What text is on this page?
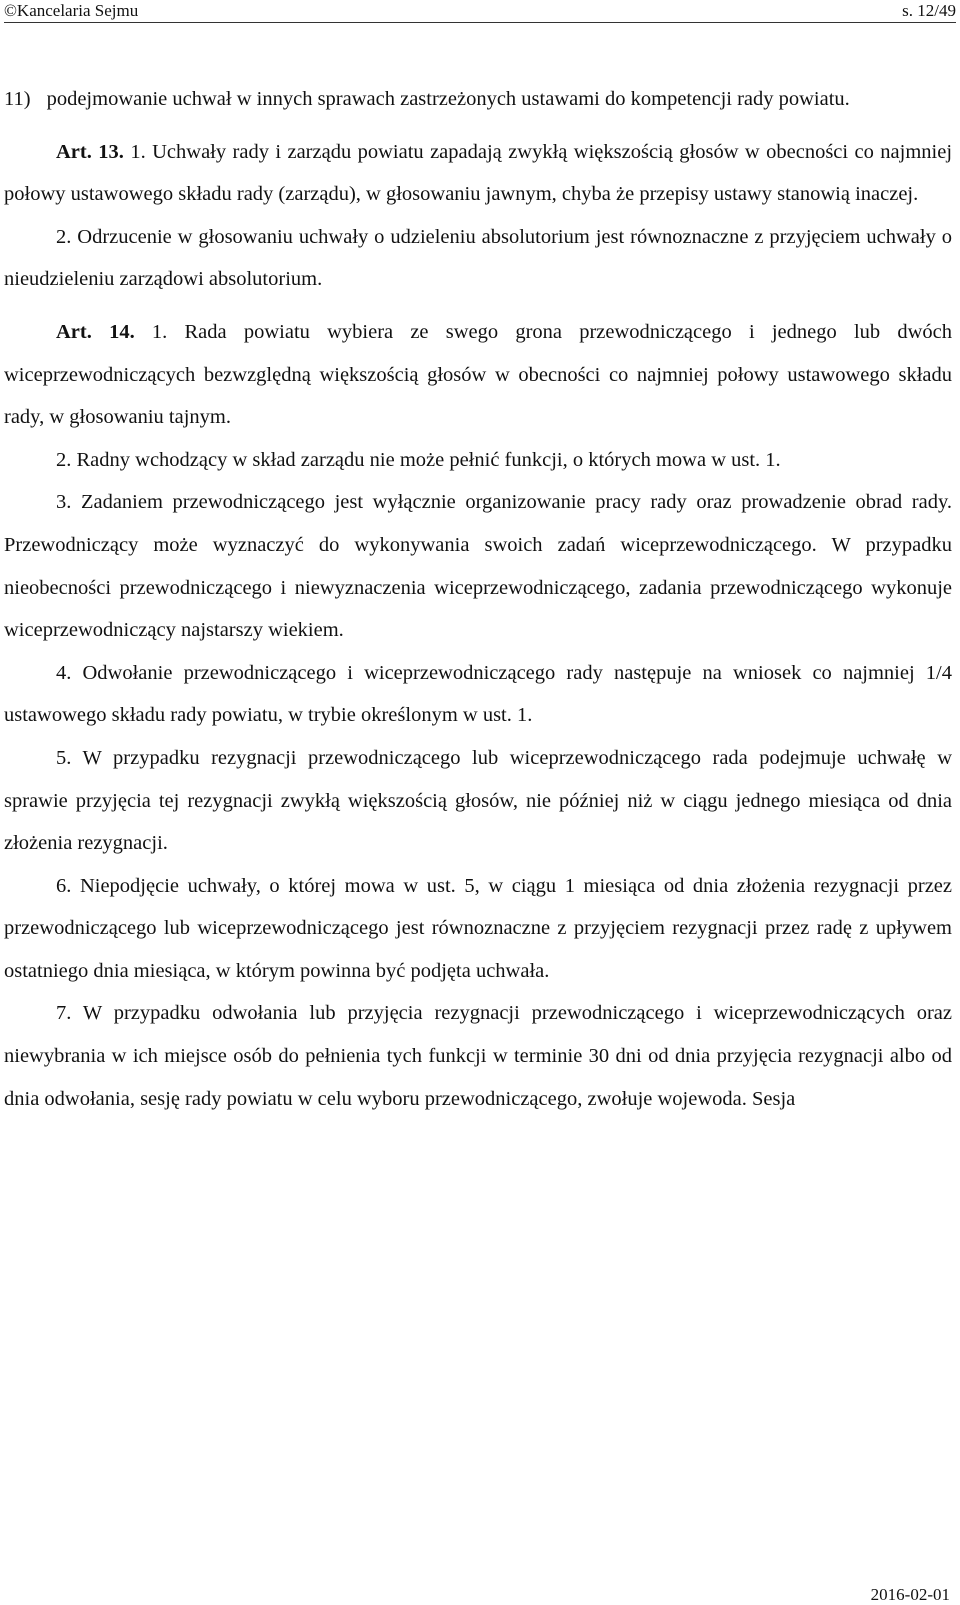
©Kancelaria Sejmu	s. 12/49

11) podejmowanie uchwał w innych sprawach zastrzeżonych ustawami do kompetencji rady powiatu.

Art. 13. 1. Uchwały rady i zarządu powiatu zapadają zwykłą większością głosów w obecności co najmniej połowy ustawowego składu rady (zarządu), w głosowaniu jawnym, chyba że przepisy ustawy stanowią inaczej.

2. Odrzucenie w głosowaniu uchwały o udzieleniu absolutorium jest równoznaczne z przyjęciem uchwały o nieudzieleniu zarządowi absolutorium.

Art. 14. 1. Rada powiatu wybiera ze swego grona przewodniczącego i jednego lub dwóch wiceprzewodniczących bezwzględną większością głosów w obecności co najmniej połowy ustawowego składu rady, w głosowaniu tajnym.

2. Radny wchodzący w skład zarządu nie może pełnić funkcji, o których mowa w ust. 1.

3. Zadaniem przewodniczącego jest wyłącznie organizowanie pracy rady oraz prowadzenie obrad rady. Przewodniczący może wyznaczyć do wykonywania swoich zadań wiceprzewodniczącego. W przypadku nieobecności przewodniczącego i niewyznaczenia wiceprzewodniczącego, zadania przewodniczącego wykonuje wiceprzewodniczący najstarszy wiekiem.

4. Odwołanie przewodniczącego i wiceprzewodniczącego rady następuje na wniosek co najmniej 1/4 ustawowego składu rady powiatu, w trybie określonym w ust. 1.

5. W przypadku rezygnacji przewodniczącego lub wiceprzewodniczącego rada podejmuje uchwałę w sprawie przyjęcia tej rezygnacji zwykłą większością głosów, nie później niż w ciągu jednego miesiąca od dnia złożenia rezygnacji.

6. Niepodjęcie uchwały, o której mowa w ust. 5, w ciągu 1 miesiąca od dnia złożenia rezygnacji przez przewodniczącego lub wiceprzewodniczącego jest równoznaczne z przyjęciem rezygnacji przez radę z upływem ostatniego dnia miesiąca, w którym powinna być podjęta uchwała.

7. W przypadku odwołania lub przyjęcia rezygnacji przewodniczącego i wiceprzewodniczących oraz niewybrania w ich miejsce osób do pełnienia tych funkcji w terminie 30 dni od dnia przyjęcia rezygnacji albo od dnia odwołania, sesję rady powiatu w celu wyboru przewodniczącego, zwołuje wojewoda. Sesja

2016-02-01
